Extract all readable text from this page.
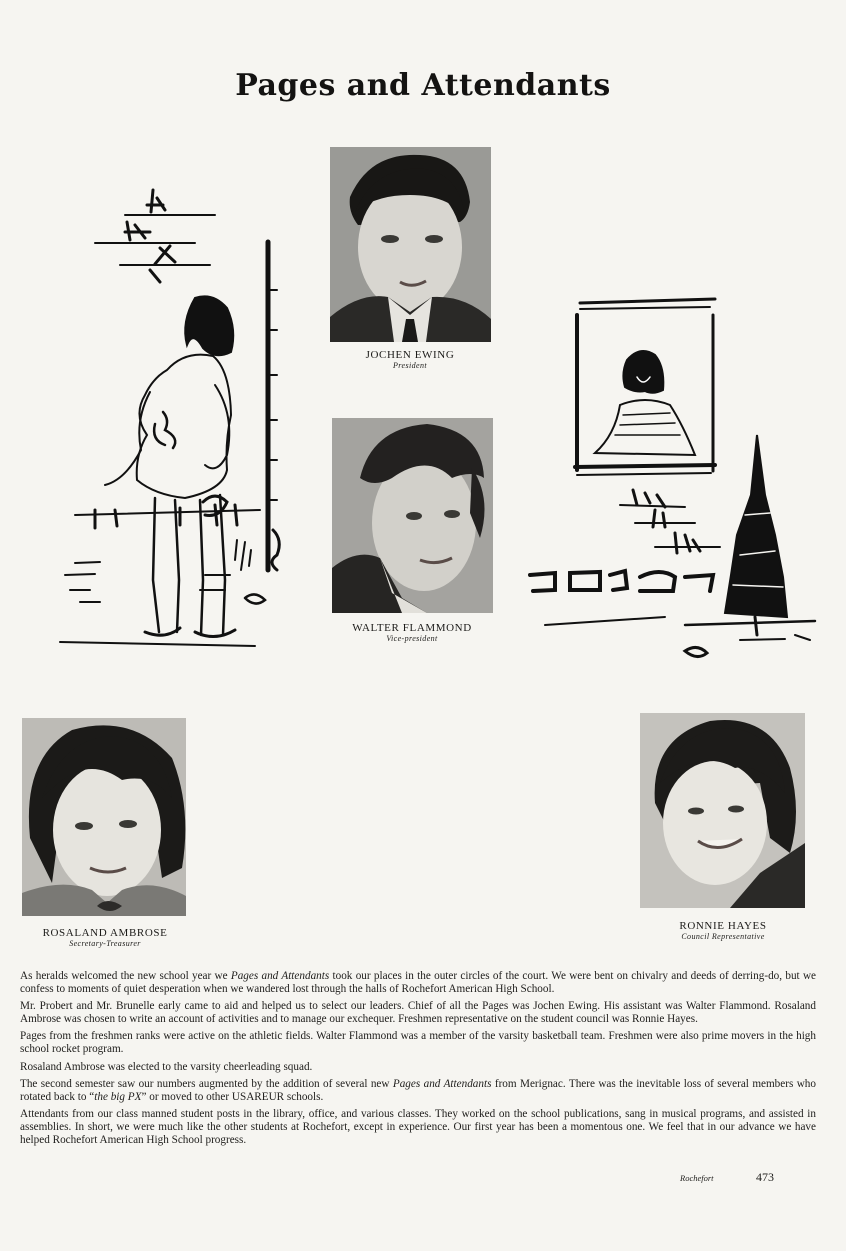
Pages and Attendants
JOCHEN EWING
President
WALTER FLAMMOND
Vice-president
ROSALAND AMBROSE
Secretary-Treasurer
RONNIE HAYES
Council Representative

As heralds welcomed the new school year we Pages and Attendants took our places in the outer circles of the court. We were bent on chivalry and deeds of derring-do, but we confess to moments of quiet desperation when we wandered lost through the halls of Rochefort American High School.

Mr. Probert and Mr. Brunelle early came to aid and helped us to select our leaders. Chief of all the Pages was Jochen Ewing. His assistant was Walter Flammond. Rosaland Ambrose was chosen to write an account of activities and to manage our exchequer. Freshmen representative on the student council was Ronnie Hayes.

Pages from the freshmen ranks were active on the athletic fields. Walter Flammond was a member of the varsity basketball team. Freshmen were also prime movers in the high school rocket program.

Rosaland Ambrose was elected to the varsity cheerleading squad.

The second semester saw our numbers augmented by the addition of several new Pages and Attendants from Merignac. There was the inevitable loss of several members who rotated back to “the big PX” or moved to other USAREUR schools.

Attendants from our class manned student posts in the library, office, and various classes. They worked on the school publications, sang in musical programs, and assisted in assemblies. In short, we were much like the other students at Rochefort, except in experience. Our first year has been a momentous one. We feel that in our advance we have helped Rochefort American High School progress.

Rochefort	473
